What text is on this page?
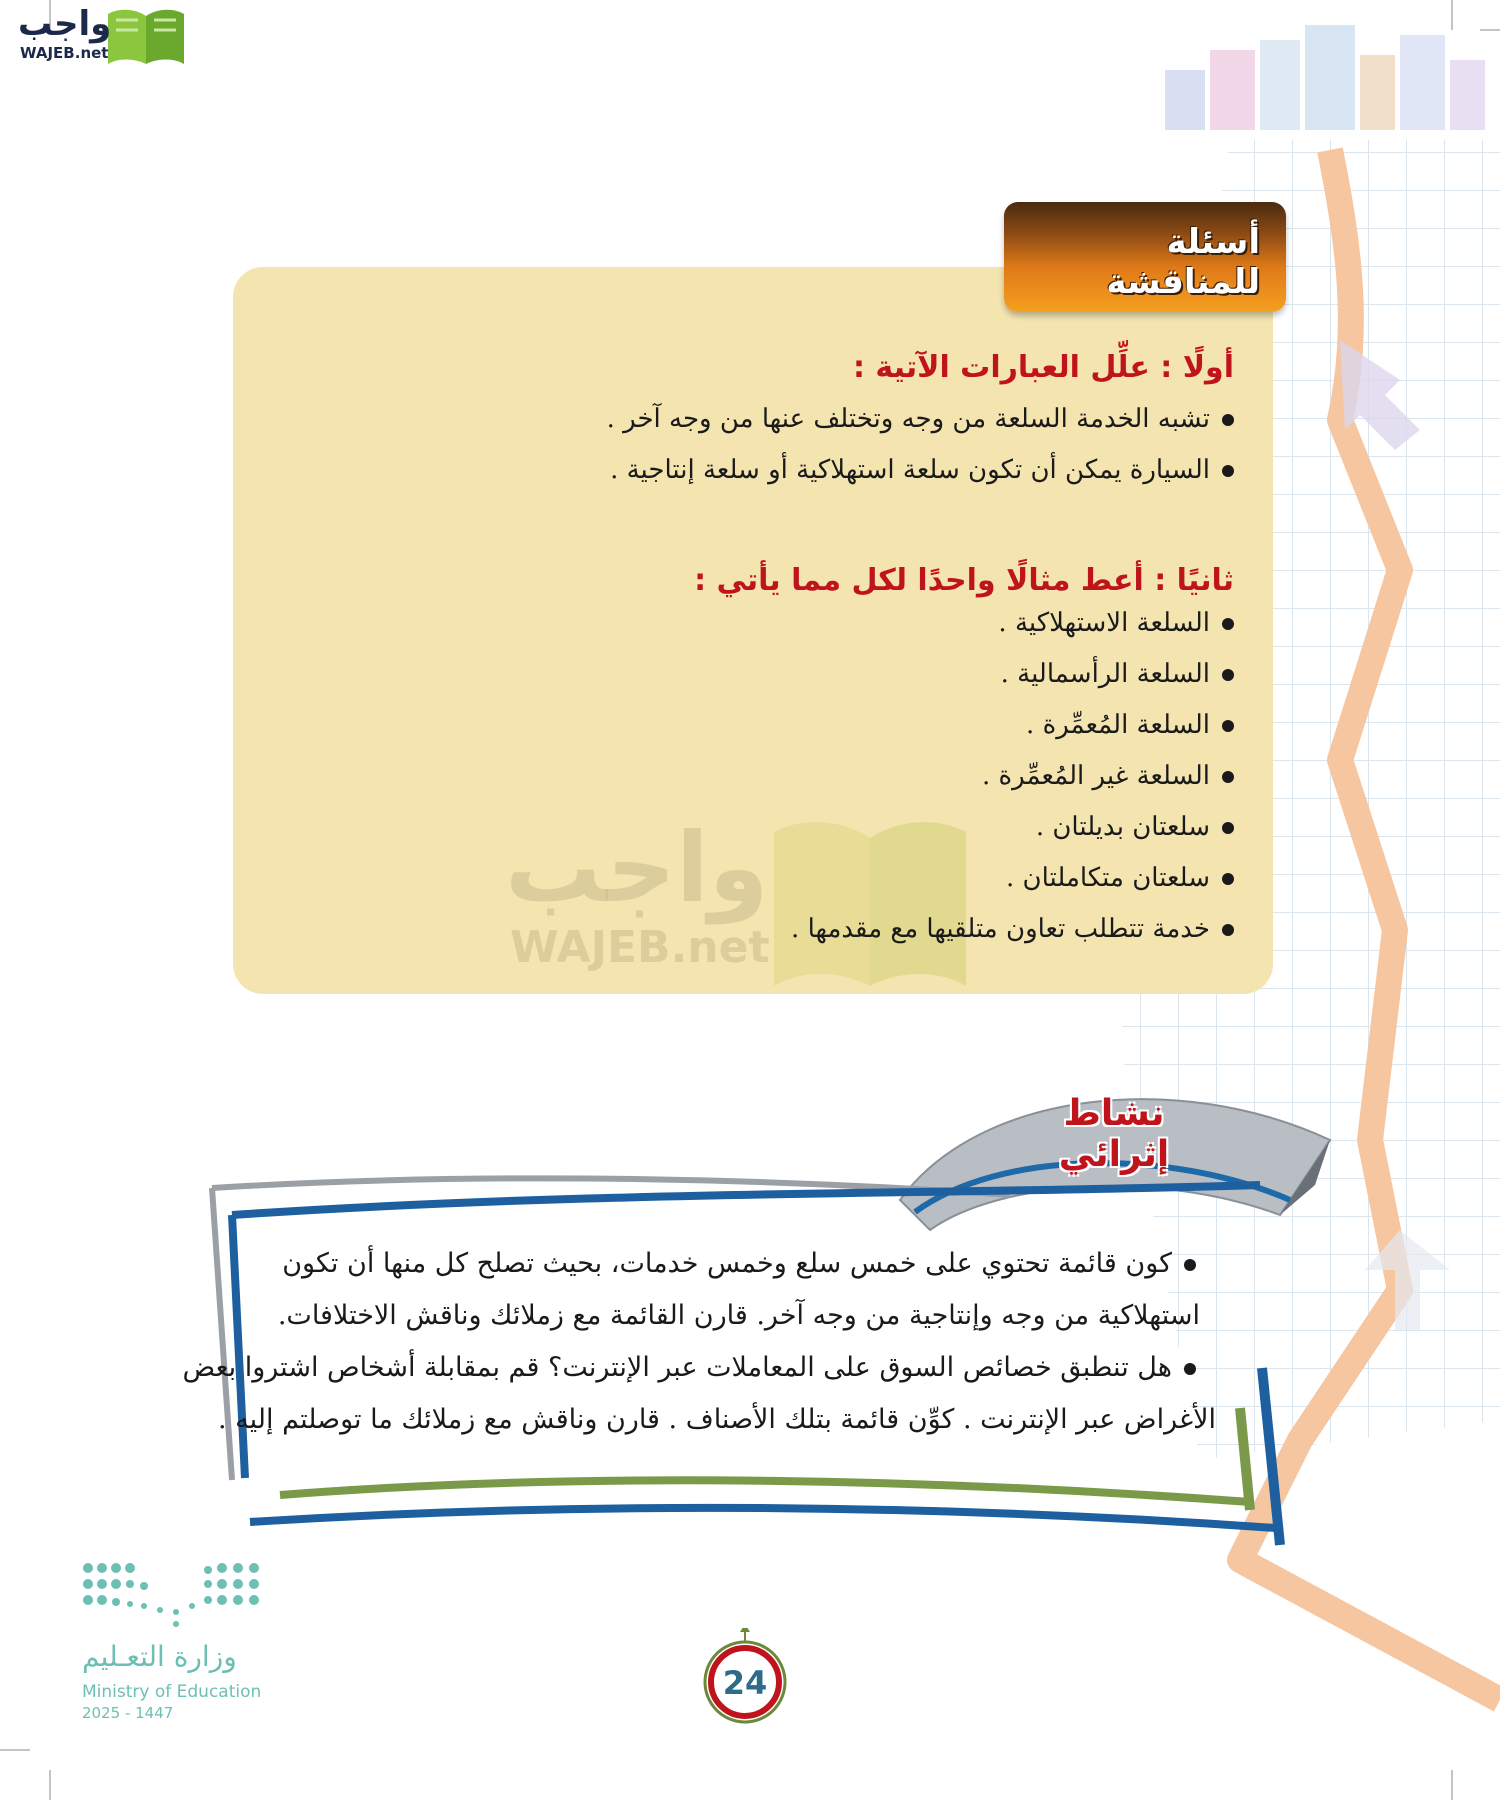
واجب
WAJEB.net
واجب
WAJEB.net
أسئلة للمناقشة
أولًا : علِّل العبارات الآتية :
تشبه الخدمة السلعة من وجه وتختلف عنها من وجه آخر .
السيارة يمكن أن تكون سلعة استهلاكية أو سلعة إنتاجية .
ثانيًا : أعط مثالًا واحدًا لكل مما يأتي :
السلعة الاستهلاكية .
السلعة الرأسمالية .
السلعة المُعمِّرة .
السلعة غير المُعمِّرة .
سلعتان بديلتان .
سلعتان متكاملتان .
خدمة تتطلب تعاون متلقيها مع مقدمها .
نشاط إثرائي
كون قائمة تحتوي على خمس سلع وخمس خدمات، بحيث تصلح كل منها أن تكون
استهلاكية من وجه وإنتاجية من وجه آخر. قارن القائمة مع زملائك وناقش الاختلافات.
هل تنطبق خصائص السوق على المعاملات عبر الإنترنت؟ قم بمقابلة أشخاص اشتروا بعض
الأغراض عبر الإنترنت . كوِّن قائمة بتلك الأصناف . قارن وناقش مع زملائك ما توصلتم إليه .
وزارة التعـليم
Ministry of Education
2025 - 1447
24
